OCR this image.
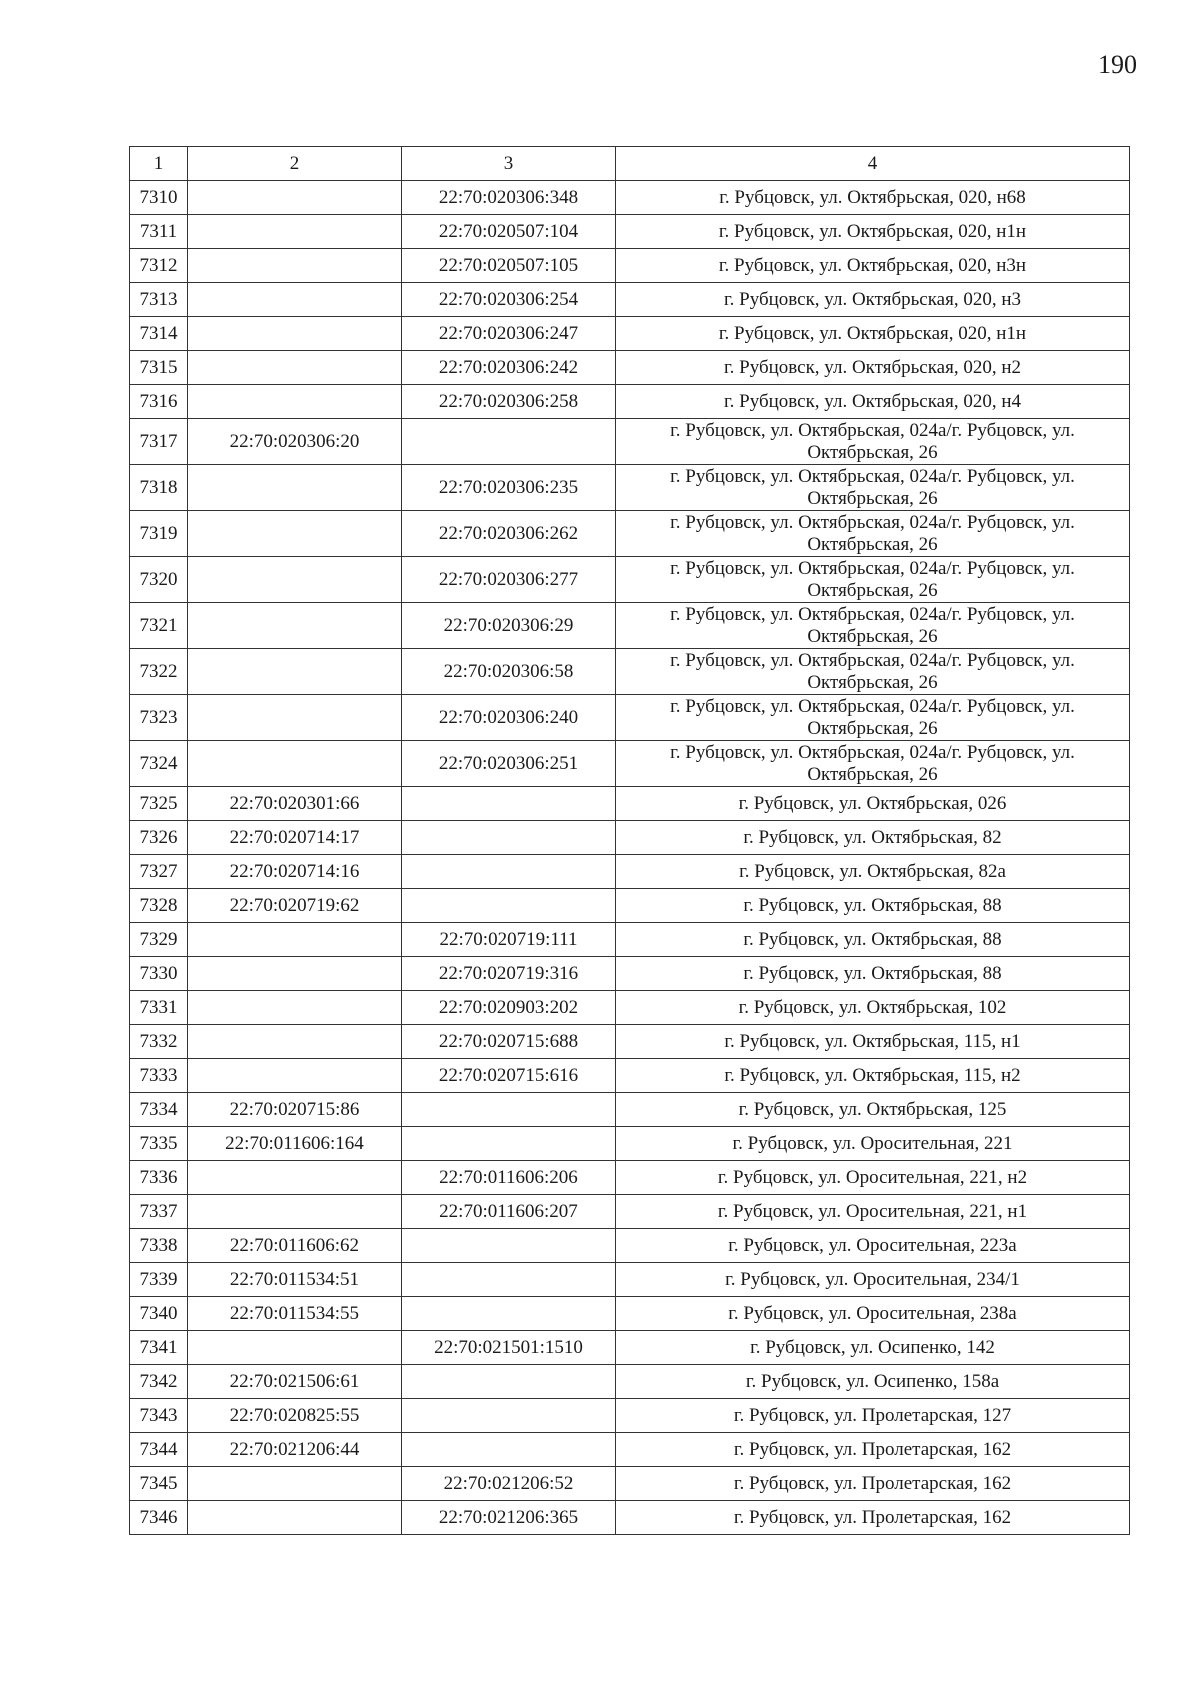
190
1	2	3	4
7310		22:70:020306:348	г. Рубцовск, ул. Октябрьская, 020, н68
7311		22:70:020507:104	г. Рубцовск, ул. Октябрьская, 020, н1н
7312		22:70:020507:105	г. Рубцовск, ул. Октябрьская, 020, н3н
7313		22:70:020306:254	г. Рубцовск, ул. Октябрьская, 020, н3
7314		22:70:020306:247	г. Рубцовск, ул. Октябрьская, 020, н1н
7315		22:70:020306:242	г. Рубцовск, ул. Октябрьская, 020, н2
7316		22:70:020306:258	г. Рубцовск, ул. Октябрьская, 020, н4
7317	22:70:020306:20		г. Рубцовск, ул. Октябрьская, 024а/г. Рубцовск, ул. Октябрьская, 26
7318		22:70:020306:235	г. Рубцовск, ул. Октябрьская, 024а/г. Рубцовск, ул. Октябрьская, 26
7319		22:70:020306:262	г. Рубцовск, ул. Октябрьская, 024а/г. Рубцовск, ул. Октябрьская, 26
7320		22:70:020306:277	г. Рубцовск, ул. Октябрьская, 024а/г. Рубцовск, ул. Октябрьская, 26
7321		22:70:020306:29	г. Рубцовск, ул. Октябрьская, 024а/г. Рубцовск, ул. Октябрьская, 26
7322		22:70:020306:58	г. Рубцовск, ул. Октябрьская, 024а/г. Рубцовск, ул. Октябрьская, 26
7323		22:70:020306:240	г. Рубцовск, ул. Октябрьская, 024а/г. Рубцовск, ул. Октябрьская, 26
7324		22:70:020306:251	г. Рубцовск, ул. Октябрьская, 024а/г. Рубцовск, ул. Октябрьская, 26
7325	22:70:020301:66		г. Рубцовск, ул. Октябрьская, 026
7326	22:70:020714:17		г. Рубцовск, ул. Октябрьская, 82
7327	22:70:020714:16		г. Рубцовск, ул. Октябрьская, 82а
7328	22:70:020719:62		г. Рубцовск, ул. Октябрьская, 88
7329		22:70:020719:111	г. Рубцовск, ул. Октябрьская, 88
7330		22:70:020719:316	г. Рубцовск, ул. Октябрьская, 88
7331		22:70:020903:202	г. Рубцовск, ул. Октябрьская, 102
7332		22:70:020715:688	г. Рубцовск, ул. Октябрьская, 115, н1
7333		22:70:020715:616	г. Рубцовск, ул. Октябрьская, 115, н2
7334	22:70:020715:86		г. Рубцовск, ул. Октябрьская, 125
7335	22:70:011606:164		г. Рубцовск, ул. Оросительная, 221
7336		22:70:011606:206	г. Рубцовск, ул. Оросительная, 221, н2
7337		22:70:011606:207	г. Рубцовск, ул. Оросительная, 221, н1
7338	22:70:011606:62		г. Рубцовск, ул. Оросительная, 223а
7339	22:70:011534:51		г. Рубцовск, ул. Оросительная, 234/1
7340	22:70:011534:55		г. Рубцовск, ул. Оросительная, 238а
7341		22:70:021501:1510	г. Рубцовск, ул. Осипенко, 142
7342	22:70:021506:61		г. Рубцовск, ул. Осипенко, 158а
7343	22:70:020825:55		г. Рубцовск, ул. Пролетарская, 127
7344	22:70:021206:44		г. Рубцовск, ул. Пролетарская, 162
7345		22:70:021206:52	г. Рубцовск, ул. Пролетарская, 162
7346		22:70:021206:365	г. Рубцовск, ул. Пролетарская, 162
